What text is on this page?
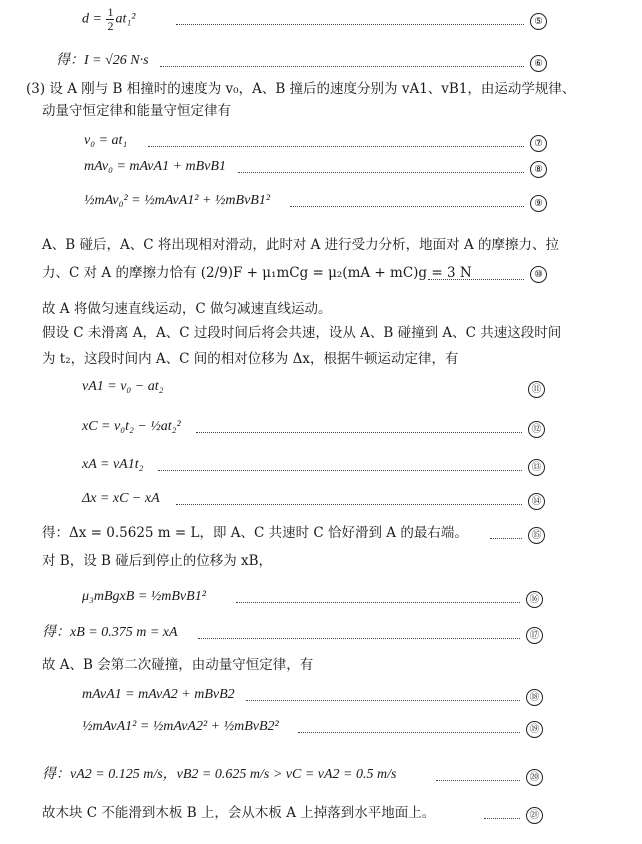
$d = \frac{1}{2} at_1^2$	⑤
得：I = √26 N·s	⑥
(3) 设 A 刚与 B 相撞时的速度为 v₀，A、B 撞后的速度分别为 vA1、vB1，由运动学规律、
动量守恒定律和能量守恒定律有
v₀ = at₁	⑦
mAv₀ = mAvA1 + mBvB1	⑧
½mAv₀² = ½mAvA1² + ½mBvB1²	⑨
A、B 碰后，A、C 将出现相对滑动，此时对 A 进行受力分析，地面对 A 的摩擦力、拉
力、C 对 A 的摩擦力恰有 (2/9)F + μ₁mCg = μ₂(mA + mC)g = 3 N	⑩
故 A 将做匀速直线运动，C 做匀减速直线运动。
假设 C 未滑离 A，A、C 过段时间后将会共速，设从 A、B 碰撞到 A、C 共速这段时间
为 t₂，这段时间内 A、C 间的相对位移为 Δx，根据牛顿运动定律，有
vA1 = v₀ − at₂	⑪
xC = v₀t₂ − ½at₂²	⑫
xA = vA1t₂	⑬
Δx = xC − xA	⑭
得：Δx = 0.5625 m = L，即 A、C 共速时 C 恰好滑到 A 的最右端。	⑮
对 B，设 B 碰后到停止的位移为 xB，
μ₃mBgxB = ½mBvB1²	⑯
得：xB = 0.375 m = xA	⑰
故 A、B 会第二次碰撞，由动量守恒定律，有
mAvA1 = mAvA2 + mBvB2	⑱
½mAvA1² = ½mAvA2² + ½mBvB2²	⑲
得：vA2 = 0.125 m/s，vB2 = 0.625 m/s > vC = vA2 = 0.5 m/s	⑳
故木块 C 不能滑到木板 B 上，会从木板 A 上掉落到水平地面上。	㉑
